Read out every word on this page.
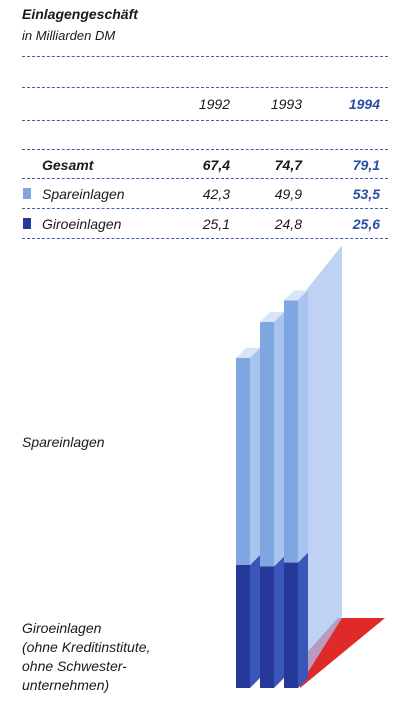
Einlagengeschäft
in Milliarden DM
1992	1993	1994
Gesamt	67,4	74,7	79,1
Spareinlagen	42,3	49,9	53,5
Giroeinlagen	25,1	24,8	25,6
Spareinlagen
Giroeinlagen
(ohne Kreditinstitute,
ohne Schwester-
unternehmen)
